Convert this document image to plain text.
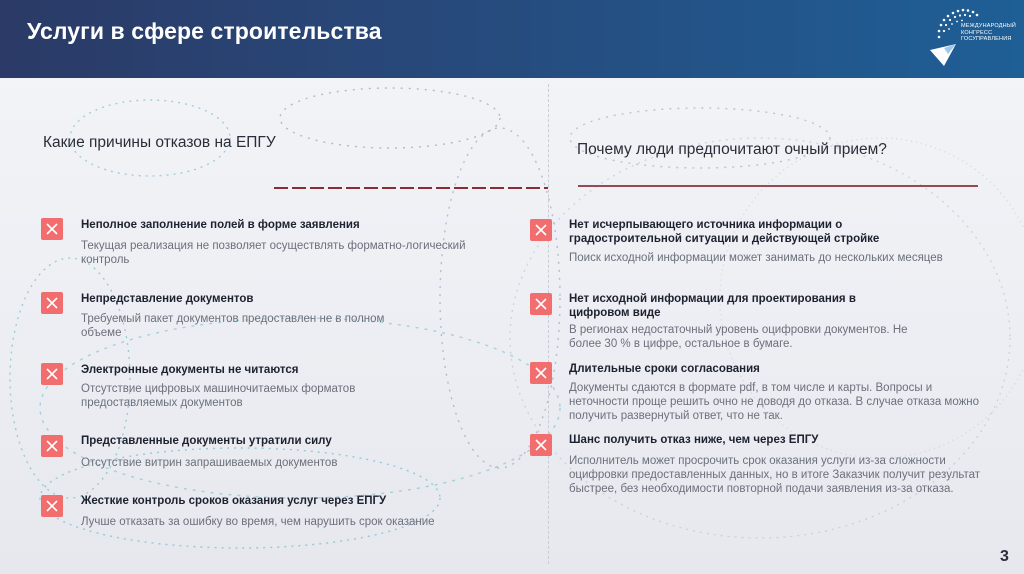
Услуги в сфере строительства	МЕЖДУНАРОДНЫЙ КОНГРЕСС ГОСУПРАВЛЕНИЯ
Какие причины отказов на ЕПГУ	Почему люди предпочитают очный прием?
Неполное заполнение полей в форме заявления
Текущая реализация не позволяет осуществлять форматно-логический контроль
Непредставление документов
Требуемый пакет документов предоставлен не в полном объеме
Электронные документы не читаются
Отсутствие цифровых машиночитаемых форматов предоставляемых документов
Представленные документы утратили силу
Отсутствие витрин запрашиваемых документов
Жесткие контроль сроков оказания услуг через ЕПГУ
Лучше отказать за ошибку во время, чем нарушить срок оказание
Нет исчерпывающего источника информации о градостроительной ситуации и действующей стройке
Поиск исходной информации может занимать до нескольких месяцев
Нет исходной информации для проектирования в цифровом виде
В регионах недостаточный уровень оцифровки документов. Не более 30 % в цифре, остальное в бумаге.
Длительные сроки согласования
Документы сдаются в формате pdf, в том числе и карты. Вопросы и неточности проще решить очно не доводя до отказа. В случае отказа можно получить развернутый ответ, что не так.
Шанс получить отказ ниже, чем через ЕПГУ
Исполнитель может просрочить срок оказания услуги из-за сложности оцифровки предоставленных данных, но в итоге Заказчик получит результат быстрее, без необходимости повторной подачи заявления из-за отказа.
3
